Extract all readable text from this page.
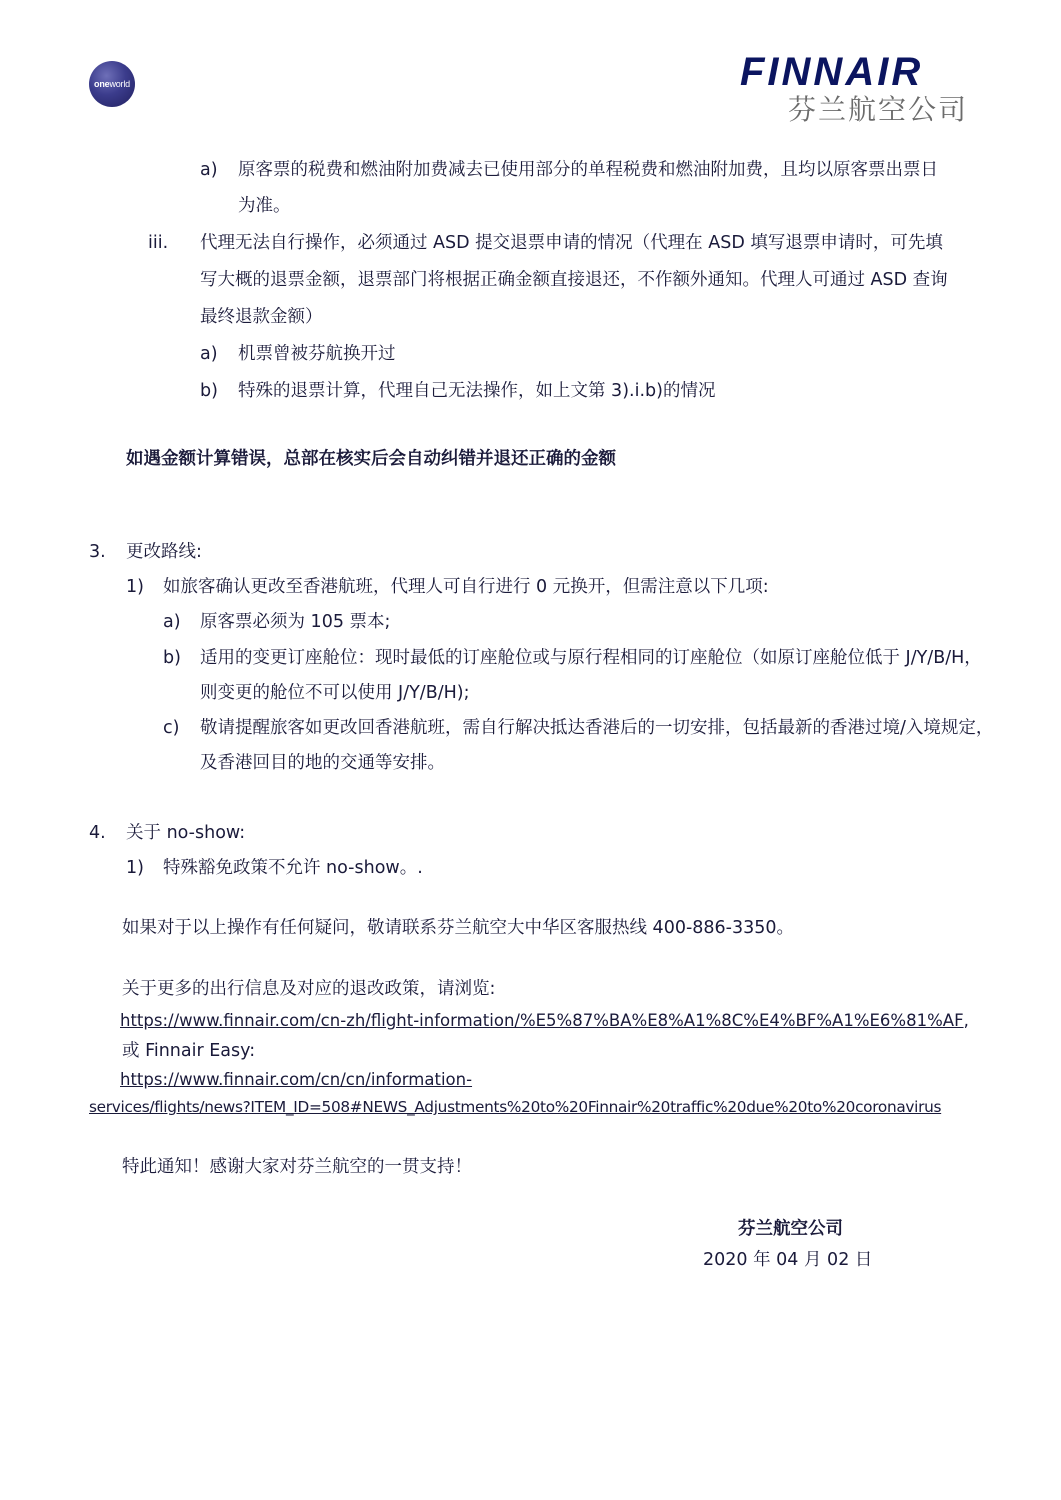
oneworld	FINNAIR
芬兰航空公司
a) 原客票的税费和燃油附加费减去已使用部分的单程税费和燃油附加费，且均以原客票出票日
为准。
iii. 代理无法自行操作，必须通过 ASD 提交退票申请的情况（代理在 ASD 填写退票申请时，可先填
写大概的退票金额，退票部门将根据正确金额直接退还，不作额外通知。代理人可通过 ASD 查询
最终退款金额）
a) 机票曾被芬航换开过
b) 特殊的退票计算，代理自己无法操作，如上文第 3).i.b)的情况
如遇金额计算错误，总部在核实后会自动纠错并退还正确的金额
3. 更改路线:
1) 如旅客确认更改至香港航班，代理人可自行进行 0 元换开，但需注意以下几项:
a) 原客票必须为 105 票本;
b) 适用的变更订座舱位：现时最低的订座舱位或与原行程相同的订座舱位（如原订座舱位低于 J/Y/B/H，
则变更的舱位不可以使用 J/Y/B/H);
c) 敬请提醒旅客如更改回香港航班，需自行解决抵达香港后的一切安排，包括最新的香港过境/入境规定，
及香港回目的地的交通等安排。
4. 关于 no-show:
1) 特殊豁免政策不允许 no-show。.
如果对于以上操作有任何疑问，敬请联系芬兰航空大中华区客服热线 400-886-3350。
关于更多的出行信息及对应的退改政策，请浏览:
https://www.finnair.com/cn-zh/flight-information/%E5%87%BA%E8%A1%8C%E4%BF%A1%E6%81%AF,
或 Finnair Easy:
https://www.finnair.com/cn/cn/information-
services/flights/news?ITEM_ID=508#NEWS_Adjustments%20to%20Finnair%20traffic%20due%20to%20coronavirus
特此通知！感谢大家对芬兰航空的一贯支持！
芬兰航空公司
2020 年 04 月 02 日
